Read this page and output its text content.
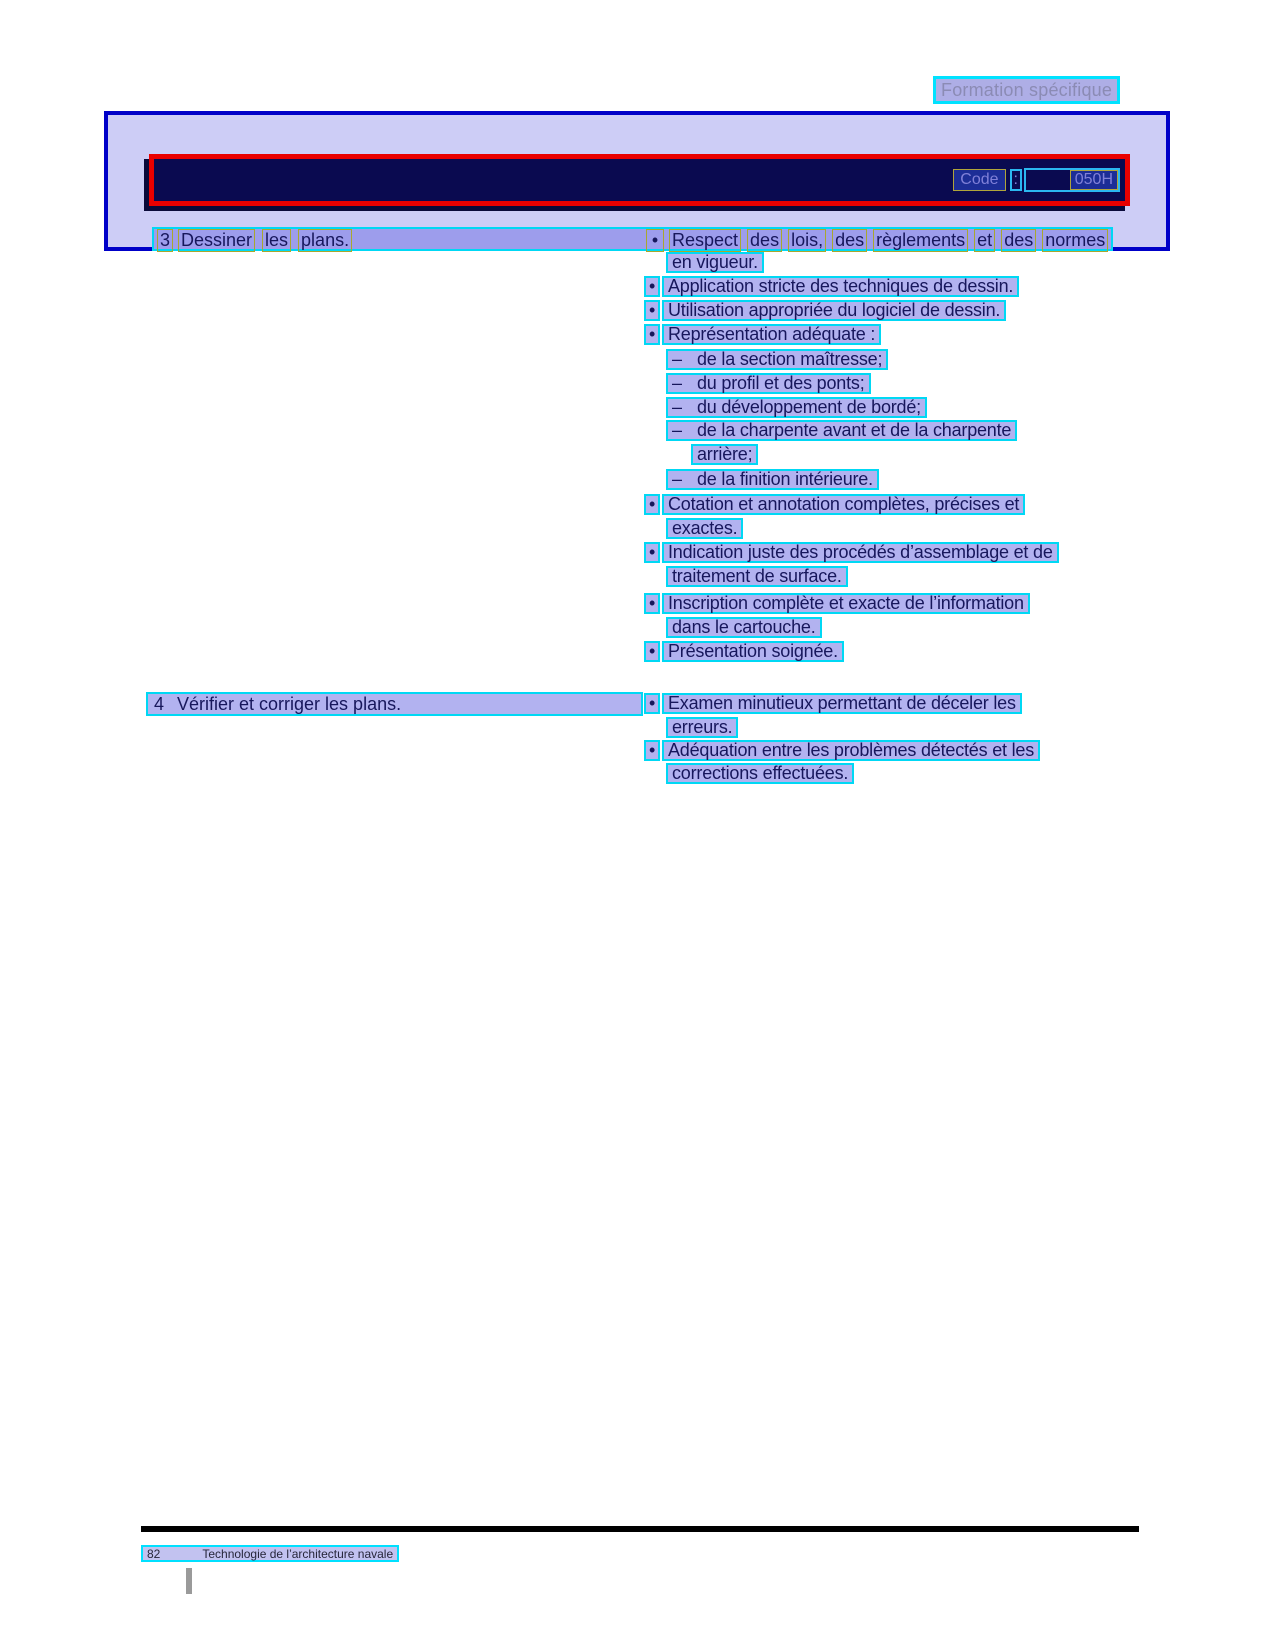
Formation spécifique
Code :	050H
3 Dessiner les plans.	• Respect des lois, des règlements et des normes
en vigueur.
• Application stricte des techniques de dessin.
• Utilisation appropriée du logiciel de dessin.
• Représentation adéquate :
– de la section maîtresse;
– du profil et des ponts;
– du développement de bordé;
– de la charpente avant et de la charpente
arrière;
– de la finition intérieure.
• Cotation et annotation complètes, précises et
exactes.
• Indication juste des procédés d’assemblage et de
traitement de surface.
• Inscription complète et exacte de l’information
dans le cartouche.
• Présentation soignée.
4 Vérifier et corriger les plans.	• Examen minutieux permettant de déceler les
erreurs.
• Adéquation entre les problèmes détectés et les
corrections effectuées.
82	Technologie de l’architecture navale
